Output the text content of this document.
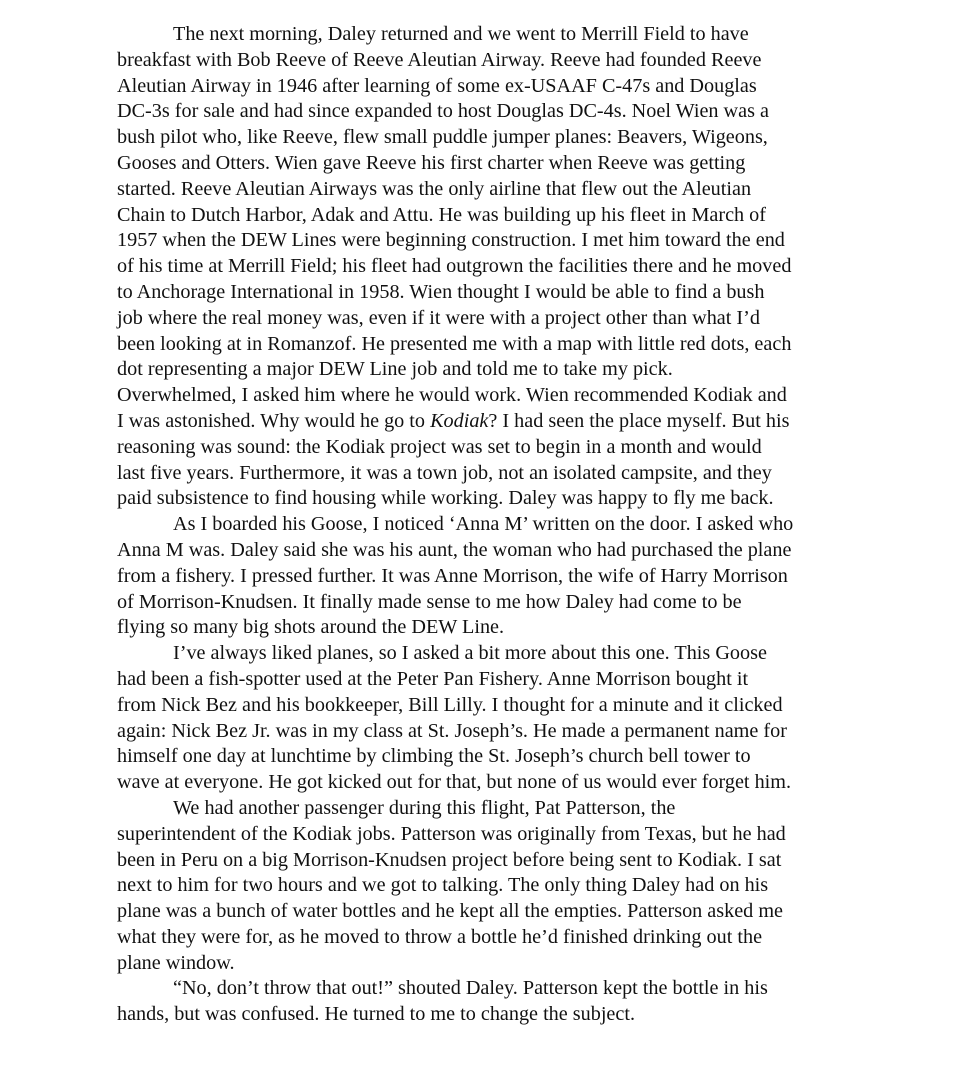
The next morning, Daley returned and we went to Merrill Field to have
breakfast with Bob Reeve of Reeve Aleutian Airway. Reeve had founded Reeve
Aleutian Airway in 1946 after learning of some ex-USAAF C-47s and Douglas
DC-3s for sale and had since expanded to host Douglas DC-4s. Noel Wien was a
bush pilot who, like Reeve, flew small puddle jumper planes: Beavers, Wigeons,
Gooses and Otters. Wien gave Reeve his first charter when Reeve was getting
started. Reeve Aleutian Airways was the only airline that flew out the Aleutian
Chain to Dutch Harbor, Adak and Attu. He was building up his fleet in March of
1957 when the DEW Lines were beginning construction. I met him toward the end
of his time at Merrill Field; his fleet had outgrown the facilities there and he moved
to Anchorage International in 1958. Wien thought I would be able to find a bush
job where the real money was, even if it were with a project other than what I’d
been looking at in Romanzof. He presented me with a map with little red dots, each
dot representing a major DEW Line job and told me to take my pick.
Overwhelmed, I asked him where he would work. Wien recommended Kodiak and
I was astonished. Why would he go to Kodiak? I had seen the place myself. But his
reasoning was sound: the Kodiak project was set to begin in a month and would
last five years. Furthermore, it was a town job, not an isolated campsite, and they
paid subsistence to find housing while working. Daley was happy to fly me back.
As I boarded his Goose, I noticed ‘Anna M’ written on the door. I asked who
Anna M was. Daley said she was his aunt, the woman who had purchased the plane
from a fishery. I pressed further. It was Anne Morrison, the wife of Harry Morrison
of Morrison-Knudsen. It finally made sense to me how Daley had come to be
flying so many big shots around the DEW Line.
I’ve always liked planes, so I asked a bit more about this one. This Goose
had been a fish-spotter used at the Peter Pan Fishery. Anne Morrison bought it
from Nick Bez and his bookkeeper, Bill Lilly. I thought for a minute and it clicked
again: Nick Bez Jr. was in my class at St. Joseph’s. He made a permanent name for
himself one day at lunchtime by climbing the St. Joseph’s church bell tower to
wave at everyone. He got kicked out for that, but none of us would ever forget him.
We had another passenger during this flight, Pat Patterson, the
superintendent of the Kodiak jobs. Patterson was originally from Texas, but he had
been in Peru on a big Morrison-Knudsen project before being sent to Kodiak. I sat
next to him for two hours and we got to talking. The only thing Daley had on his
plane was a bunch of water bottles and he kept all the empties. Patterson asked me
what they were for, as he moved to throw a bottle he’d finished drinking out the
plane window.
“No, don’t throw that out!” shouted Daley. Patterson kept the bottle in his
hands, but was confused. He turned to me to change the subject.
